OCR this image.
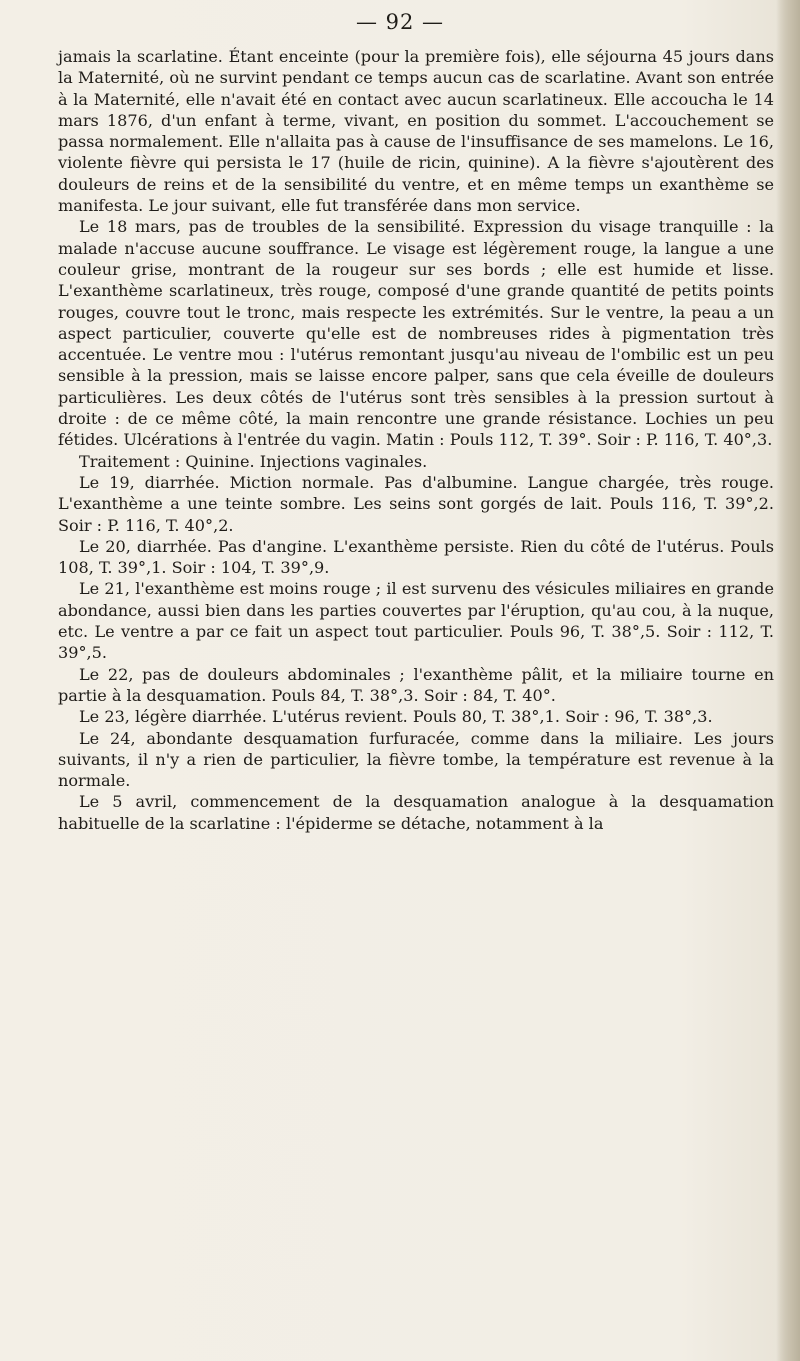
— 92 —

jamais la scarlatine. Étant enceinte (pour la première fois), elle séjourna 45 jours dans la Maternité, où ne survint pendant ce temps aucun cas de scarlatine. Avant son entrée à la Maternité, elle n'avait été en contact avec aucun scarlatineux. Elle accoucha le 14 mars 1876, d'un enfant à terme, vivant, en position du sommet. L'accouchement se passa normalement. Elle n'allaita pas à cause de l'insuffisance de ses mamelons. Le 16, violente fièvre qui persista le 17 (huile de ricin, quinine). A la fièvre s'ajoutèrent des douleurs de reins et de la sensibilité du ventre, et en même temps un exanthème se manifesta. Le jour suivant, elle fut transférée dans mon service.

Le 18 mars, pas de troubles de la sensibilité. Expression du visage tranquille : la malade n'accuse aucune souffrance. Le visage est légèrement rouge, la langue a une couleur grise, montrant de la rougeur sur ses bords ; elle est humide et lisse. L'exanthème scarlatineux, très rouge, composé d'une grande quantité de petits points rouges, couvre tout le tronc, mais respecte les extrémités. Sur le ventre, la peau a un aspect particulier, couverte qu'elle est de nombreuses rides à pigmentation très accentuée. Le ventre mou : l'utérus remontant jusqu'au niveau de l'ombilic est un peu sensible à la pression, mais se laisse encore palper, sans que cela éveille de douleurs particulières. Les deux côtés de l'utérus sont très sensibles à la pression surtout à droite : de ce même côté, la main rencontre une grande résistance. Lochies un peu fétides. Ulcérations à l'entrée du vagin. Matin : Pouls 112, T. 39°. Soir : P. 116, T. 40°,3.

Traitement : Quinine. Injections vaginales.

Le 19, diarrhée. Miction normale. Pas d'albumine. Langue chargée, très rouge. L'exanthème a une teinte sombre. Les seins sont gorgés de lait. Pouls 116, T. 39°,2. Soir : P. 116, T. 40°,2.

Le 20, diarrhée. Pas d'angine. L'exanthème persiste. Rien du côté de l'utérus. Pouls 108, T. 39°,1. Soir : 104, T. 39°,9.

Le 21, l'exanthème est moins rouge ; il est survenu des vésicules miliaires en grande abondance, aussi bien dans les parties couvertes par l'éruption, qu'au cou, à la nuque, etc. Le ventre a par ce fait un aspect tout particulier. Pouls 96, T. 38°,5. Soir : 112, T. 39°,5.

Le 22, pas de douleurs abdominales ; l'exanthème pâlit, et la miliaire tourne en partie à la desquamation. Pouls 84, T. 38°,3. Soir : 84, T. 40°.

Le 23, légère diarrhée. L'utérus revient. Pouls 80, T. 38°,1. Soir : 96, T. 38°,3.

Le 24, abondante desquamation furfuracée, comme dans la miliaire. Les jours suivants, il n'y a rien de particulier, la fièvre tombe, la température est revenue à la normale.

Le 5 avril, commencement de la desquamation analogue à la desquamation habituelle de la scarlatine : l'épiderme se détache, notamment à la
